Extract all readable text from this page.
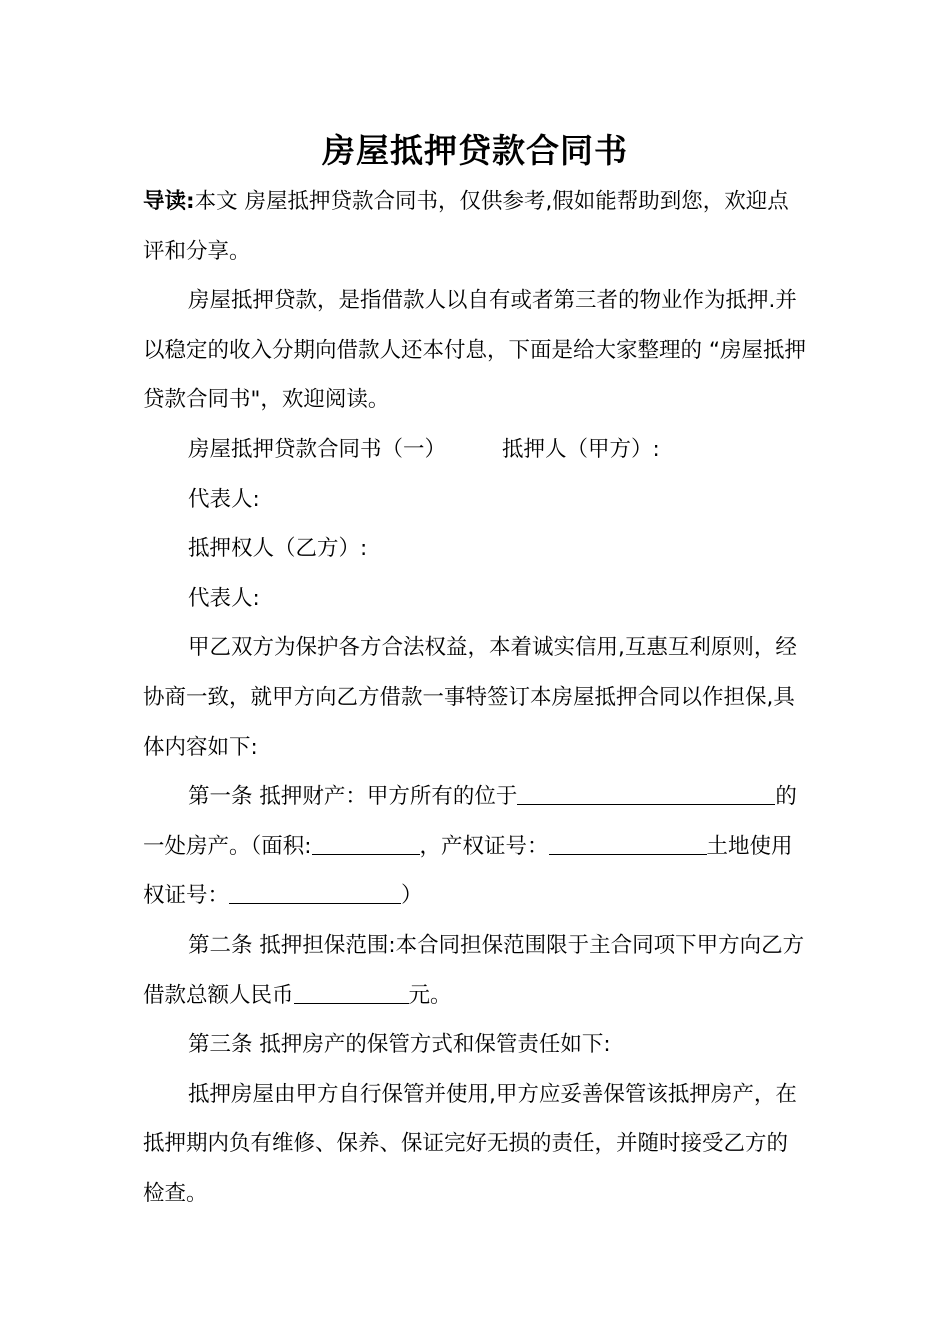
房屋抵押贷款合同书

导读:本文 房屋抵押贷款合同书，仅供参考,假如能帮助到您，欢迎点评和分享。

房屋抵押贷款，是指借款人以自有或者第三者的物业作为抵押.并以稳定的收入分期向借款人还本付息，下面是给大家整理的 “房屋抵押贷款合同书"，欢迎阅读。

房屋抵押贷款合同书（一）	抵押人（甲方）:

代表人:

抵押权人（乙方）:

代表人:

甲乙双方为保护各方合法权益，本着诚实信用,互惠互利原则，经协商一致，就甲方向乙方借款一事特签订本房屋抵押合同以作担保,具体内容如下:

第一条 抵押财产：甲方所有的位于	的一处房产。（面积:	，产权证号：	土地使用权证号：	）

第二条 抵押担保范围:本合同担保范围限于主合同项下甲方向乙方借款总额人民币	元。

第三条 抵押房产的保管方式和保管责任如下:

抵押房屋由甲方自行保管并使用,甲方应妥善保管该抵押房产，在抵押期内负有维修、保养、保证完好无损的责任，并随时接受乙方的检查。
